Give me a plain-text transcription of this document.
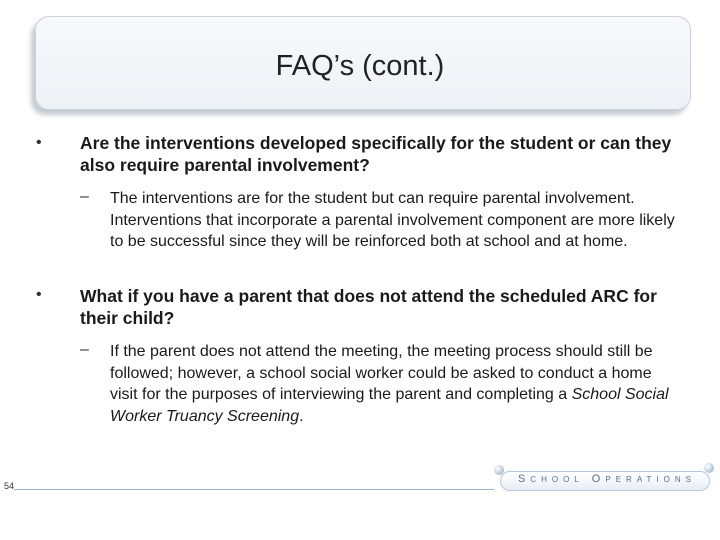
FAQ’s (cont.)
• Are the interventions developed specifically for the student or can they also require parental involvement?
– The interventions are for the student but can require parental involvement. Interventions that incorporate a parental involvement component are more likely to be successful since they will be reinforced both at school and at home.
• What if you have a parent that does not attend the scheduled ARC for their child?
– If the parent does not attend the meeting, the meeting process should still be followed; however, a school social worker could be asked to conduct a home visit for the purposes of interviewing the parent and completing a School Social Worker Truancy Screening.
54
School Operations
